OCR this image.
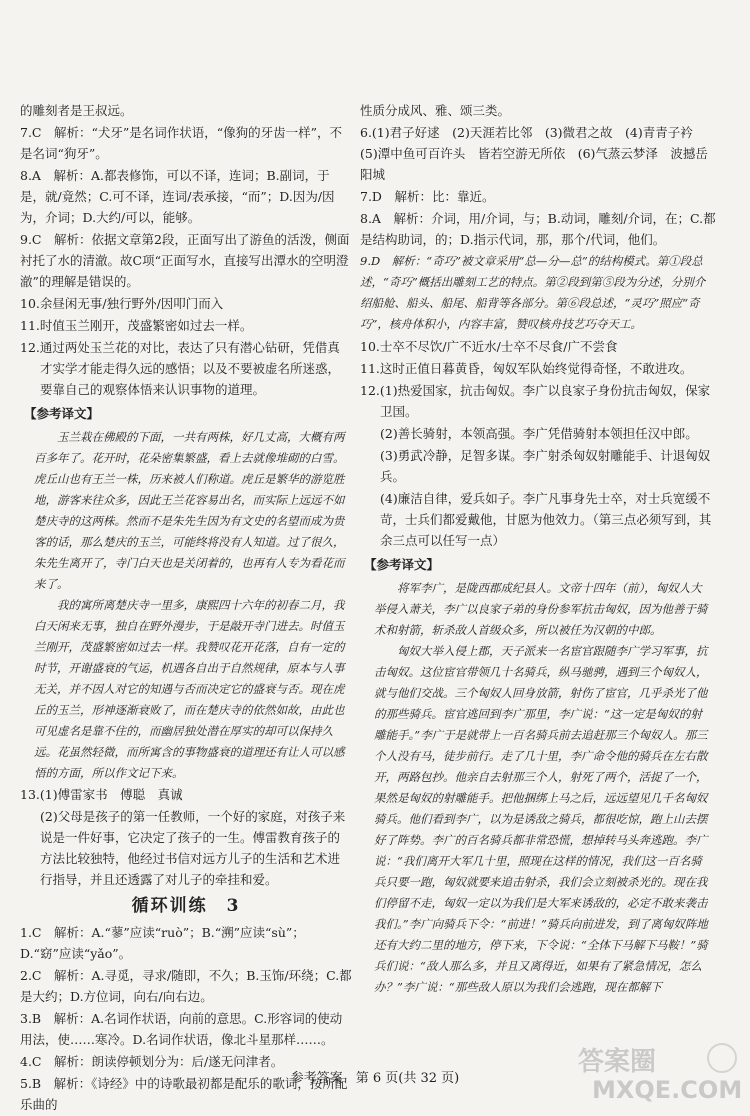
的雕刻者是王叔远。

7.C　解析：“犬牙”是名词作状语，“像狗的牙齿一样”，不是名词“狗牙”。

8.A　解析：A.都表修饰，可以不译，连词；B.副词，于是，就/竟然；C.可不译，连词/表承接，“而”；D.因为/因为，介词；D.大约/可以，能够。

9.C　解析：依据文章第2段，正面写出了游鱼的活泼，侧面衬托了水的清澈。故C项“正面写水，直接写出潭水的空明澄澈”的理解是错误的。

10.余昼闲无事/独行野外/因叩门而入

11.时值玉兰刚开，茂盛繁密如过去一样。

12.通过两处玉兰花的对比，表达了只有潜心钻研，凭借真才实学才能走得久远的感悟；以及不要被虚名所迷惑，要靠自己的观察体悟来认识事物的道理。

【参考译文】

玉兰栽在佛殿的下面，一共有两株，好几丈高，大概有两百多年了。花开时，花朵密集繁盛，看上去就像堆砌的白雪。虎丘山也有王兰一株，历来被人们称道。虎丘是繁华的游览胜地，游客来往众多，因此王兰花容易出名，而实际上远远不如楚庆寺的这两株。然而不是朱先生因为有文史的名望而成为贵客的话，那么楚庆的玉兰，可能终将没有人知道。过了很久，朱先生离开了，寺门白天也是关闭着的，也再有人专为看花而来了。

我的寓所离楚庆寺一里多，康熙四十六年的初春二月，我白天闲来无事，独自在野外漫步，于是敲开寺门进去。时值玉兰刚开，茂盛繁密如过去一样。我赞叹花开花落，自有一定的时节，开谢盛衰的气运，机遇各自出于自然规律，原本与人事无关，并不因人对它的知遇与否而决定它的盛衰与否。现在虎丘的玉兰，形神逐渐衰败了，而在楚庆寺的依然如故，由此也可见虚名是靠不住的，而幽居独处潜在厚实的却可以保持久远。花虽然轻微，而所寓含的事物盛衰的道理还有让人可以感悟的方面，所以作文记下来。

13.(1)傅雷家书　傅聪　真诚

(2)父母是孩子的第一任教师，一个好的家庭，对孩子来说是一件好事，它决定了孩子的一生。傅雷教育孩子的方法比较独特，他经过书信对远方儿子的生活和艺术进行指导，并且还透露了对儿子的牵挂和爱。

循环训练　3

1.C　解析：A.“蓼”应读“ruò”；B.“溯”应读“sù”；D.“窈”应读“yǎo”。

2.C　解析：A.寻觅，寻求/随即，不久；B.玉饰/环绕；C.都是大约；D.方位词，向右/向右边。

3.B　解析：A.名词作状语，向前的意思。C.形容词的使动用法，使……寒冷。D.名词作状语，像北斗星那样……。

4.C　解析：朗读停顿划分为：后/遂无问津者。

5.B　解析：《诗经》中的诗歌最初都是配乐的歌词，按所配乐曲的

性质分成风、雅、颂三类。

6.(1)君子好逑　(2)天涯若比邻　(3)微君之故　(4)青青子衿　(5)潭中鱼可百许头　皆若空游无所依　(6)气蒸云梦泽　波撼岳阳城

7.D　解析：比：靠近。

8.A　解析：介词，用/介词，与；B.动词，雕刻/介词，在；C.都是结构助词，的；D.指示代词，那，那个/代词，他们。

9.D　解析：“奇巧”被文章采用“总—分—总”的结构模式。第①段总述，“奇巧”概括出雕刻工艺的特点。第②段到第⑤段为分述，分别介绍船舱、船头、船尾、船背等各部分。第⑥段总述，“灵巧”照应“奇巧”，核舟体积小，内容丰富，赞叹核舟技艺巧夺天工。

10.士卒不尽饮/广不近水/士卒不尽食/广不尝食

11.这时正值日暮黄昏，匈奴军队始终觉得奇怪，不敢进攻。

12.(1)热爱国家，抗击匈奴。李广以良家子身份抗击匈奴，保家卫国。

(2)善长骑射，本领高强。李广凭借骑射本领担任汉中郎。

(3)勇武冷静，足智多谋。李广射杀匈奴射雕能手、计退匈奴兵。

(4)廉洁自律，爱兵如子。李广凡事身先士卒，对士兵宽缓不苛，士兵们都爱戴他，甘愿为他效力。（第三点必须写到，其余三点可以任写一点）

【参考译文】

将军李广，是陇西郡成纪县人。文帝十四年（前），匈奴人大举侵入萧关，李广以良家子弟的身份参军抗击匈奴，因为他善于骑术和射箭，斩杀敌人首级众多，所以被任为汉朝的中郎。

匈奴大举入侵上郡，天子派来一名宦官跟随李广学习军事，抗击匈奴。这位宦官带领几十名骑兵，纵马驰骋，遇到三个匈奴人，就与他们交战。三个匈奴人回身放箭，射伤了宦官，几乎杀光了他的那些骑兵。宦官逃回到李广那里，李广说：“这一定是匈奴的射雕能手。”李广于是就带上一百名骑兵前去追赶那三个匈奴人。那三个人没有马，徒步前行。走了几十里，李广命令他的骑兵在左右散开，两路包抄。他亲自去射那三个人，射死了两个，活捉了一个，果然是匈奴的射雕能手。把他捆绑上马之后，远远望见几千名匈奴骑兵。他们看到李广，以为是诱敌之骑兵，都很吃惊，跑上山去摆好了阵势。李广的百名骑兵都非常恐慌，想掉转马头奔逃跑。李广说：“我们离开大军几十里，照现在这样的情况，我们这一百名骑兵只要一跑，匈奴就要来追击射杀，我们会立刻被杀光的。现在我们停留不走，匈奴一定以为我们是大军来诱敌的，必定不敢来袭击我们。”李广向骑兵下令：“前进！”骑兵向前进发，到了离匈奴阵地还有大约二里的地方，停下来，下令说：“全体下马解下马鞍！”骑兵们说：“敌人那么多，并且又离得近，如果有了紧急情况，怎么办？”李广说：“那些敌人原以为我们会逃跑，现在都解下

参考答案　第 6 页(共 32 页)
答案圈
MXQE.COM
